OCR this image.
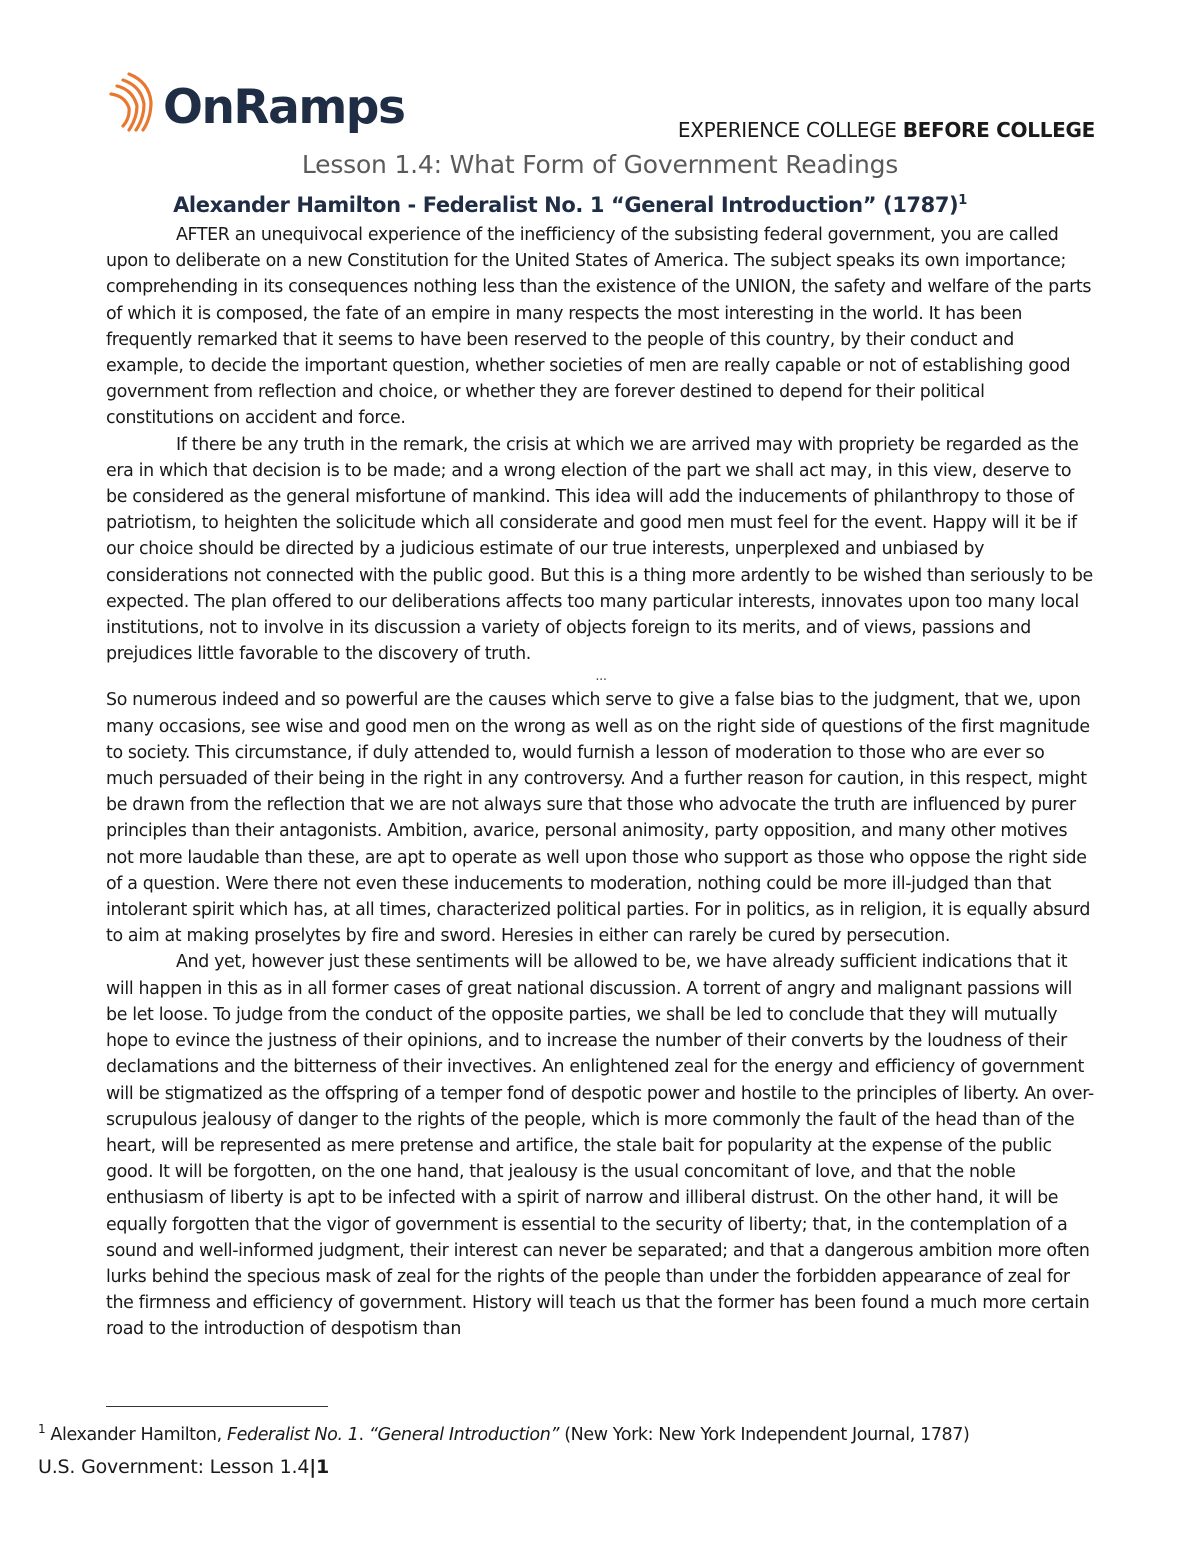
OnRamps	EXPERIENCE COLLEGE BEFORE COLLEGE
Lesson 1.4: What Form of Government Readings
Alexander Hamilton - Federalist No. 1 “General Introduction” $(1787)^1$

AFTER an unequivocal experience of the inefficiency of the subsisting federal government, you are called upon to deliberate on a new Constitution for the United States of America. The subject speaks its own importance; comprehending in its consequences nothing less than the existence of the UNION, the safety and welfare of the parts of which it is composed, the fate of an empire in many respects the most interesting in the world. It has been frequently remarked that it seems to have been reserved to the people of this country, by their conduct and example, to decide the important question, whether societies of men are really capable or not of establishing good government from reflection and choice, or whether they are forever destined to depend for their political constitutions on accident and force.

If there be any truth in the remark, the crisis at which we are arrived may with propriety be regarded as the era in which that decision is to be made; and a wrong election of the part we shall act may, in this view, deserve to be considered as the general misfortune of mankind. This idea will add the inducements of philanthropy to those of patriotism, to heighten the solicitude which all considerate and good men must feel for the event. Happy will it be if our choice should be directed by a judicious estimate of our true interests, unperplexed and unbiased by considerations not connected with the public good. But this is a thing more ardently to be wished than seriously to be expected. The plan offered to our deliberations affects too many particular interests, innovates upon too many local institutions, not to involve in its discussion a variety of objects foreign to its merits, and of views, passions and prejudices little favorable to the discovery of truth.

...

So numerous indeed and so powerful are the causes which serve to give a false bias to the judgment, that we, upon many occasions, see wise and good men on the wrong as well as on the right side of questions of the first magnitude to society. This circumstance, if duly attended to, would furnish a lesson of moderation to those who are ever so much persuaded of their being in the right in any controversy. And a further reason for caution, in this respect, might be drawn from the reflection that we are not always sure that those who advocate the truth are influenced by purer principles than their antagonists. Ambition, avarice, personal animosity, party opposition, and many other motives not more laudable than these, are apt to operate as well upon those who support as those who oppose the right side of a question. Were there not even these inducements to moderation, nothing could be more ill-judged than that intolerant spirit which has, at all times, characterized political parties. For in politics, as in religion, it is equally absurd to aim at making proselytes by fire and sword. Heresies in either can rarely be cured by persecution.

And yet, however just these sentiments will be allowed to be, we have already sufficient indications that it will happen in this as in all former cases of great national discussion. A torrent of angry and malignant passions will be let loose. To judge from the conduct of the opposite parties, we shall be led to conclude that they will mutually hope to evince the justness of their opinions, and to increase the number of their converts by the loudness of their declamations and the bitterness of their invectives. An enlightened zeal for the energy and efficiency of government will be stigmatized as the offspring of a temper fond of despotic power and hostile to the principles of liberty. An over-scrupulous jealousy of danger to the rights of the people, which is more commonly the fault of the head than of the heart, will be represented as mere pretense and artifice, the stale bait for popularity at the expense of the public good. It will be forgotten, on the one hand, that jealousy is the usual concomitant of love, and that the noble enthusiasm of liberty is apt to be infected with a spirit of narrow and illiberal distrust. On the other hand, it will be equally forgotten that the vigor of government is essential to the security of liberty; that, in the contemplation of a sound and well-informed judgment, their interest can never be separated; and that a dangerous ambition more often lurks behind the specious mask of zeal for the rights of the people than under the forbidden appearance of zeal for the firmness and efficiency of government. History will teach us that the former has been found a much more certain road to the introduction of despotism than

$^1$ Alexander Hamilton, Federalist No. 1. “General Introduction” (New York: New York Independent Journal, 1787)
U.S. Government: Lesson 1.4|1
